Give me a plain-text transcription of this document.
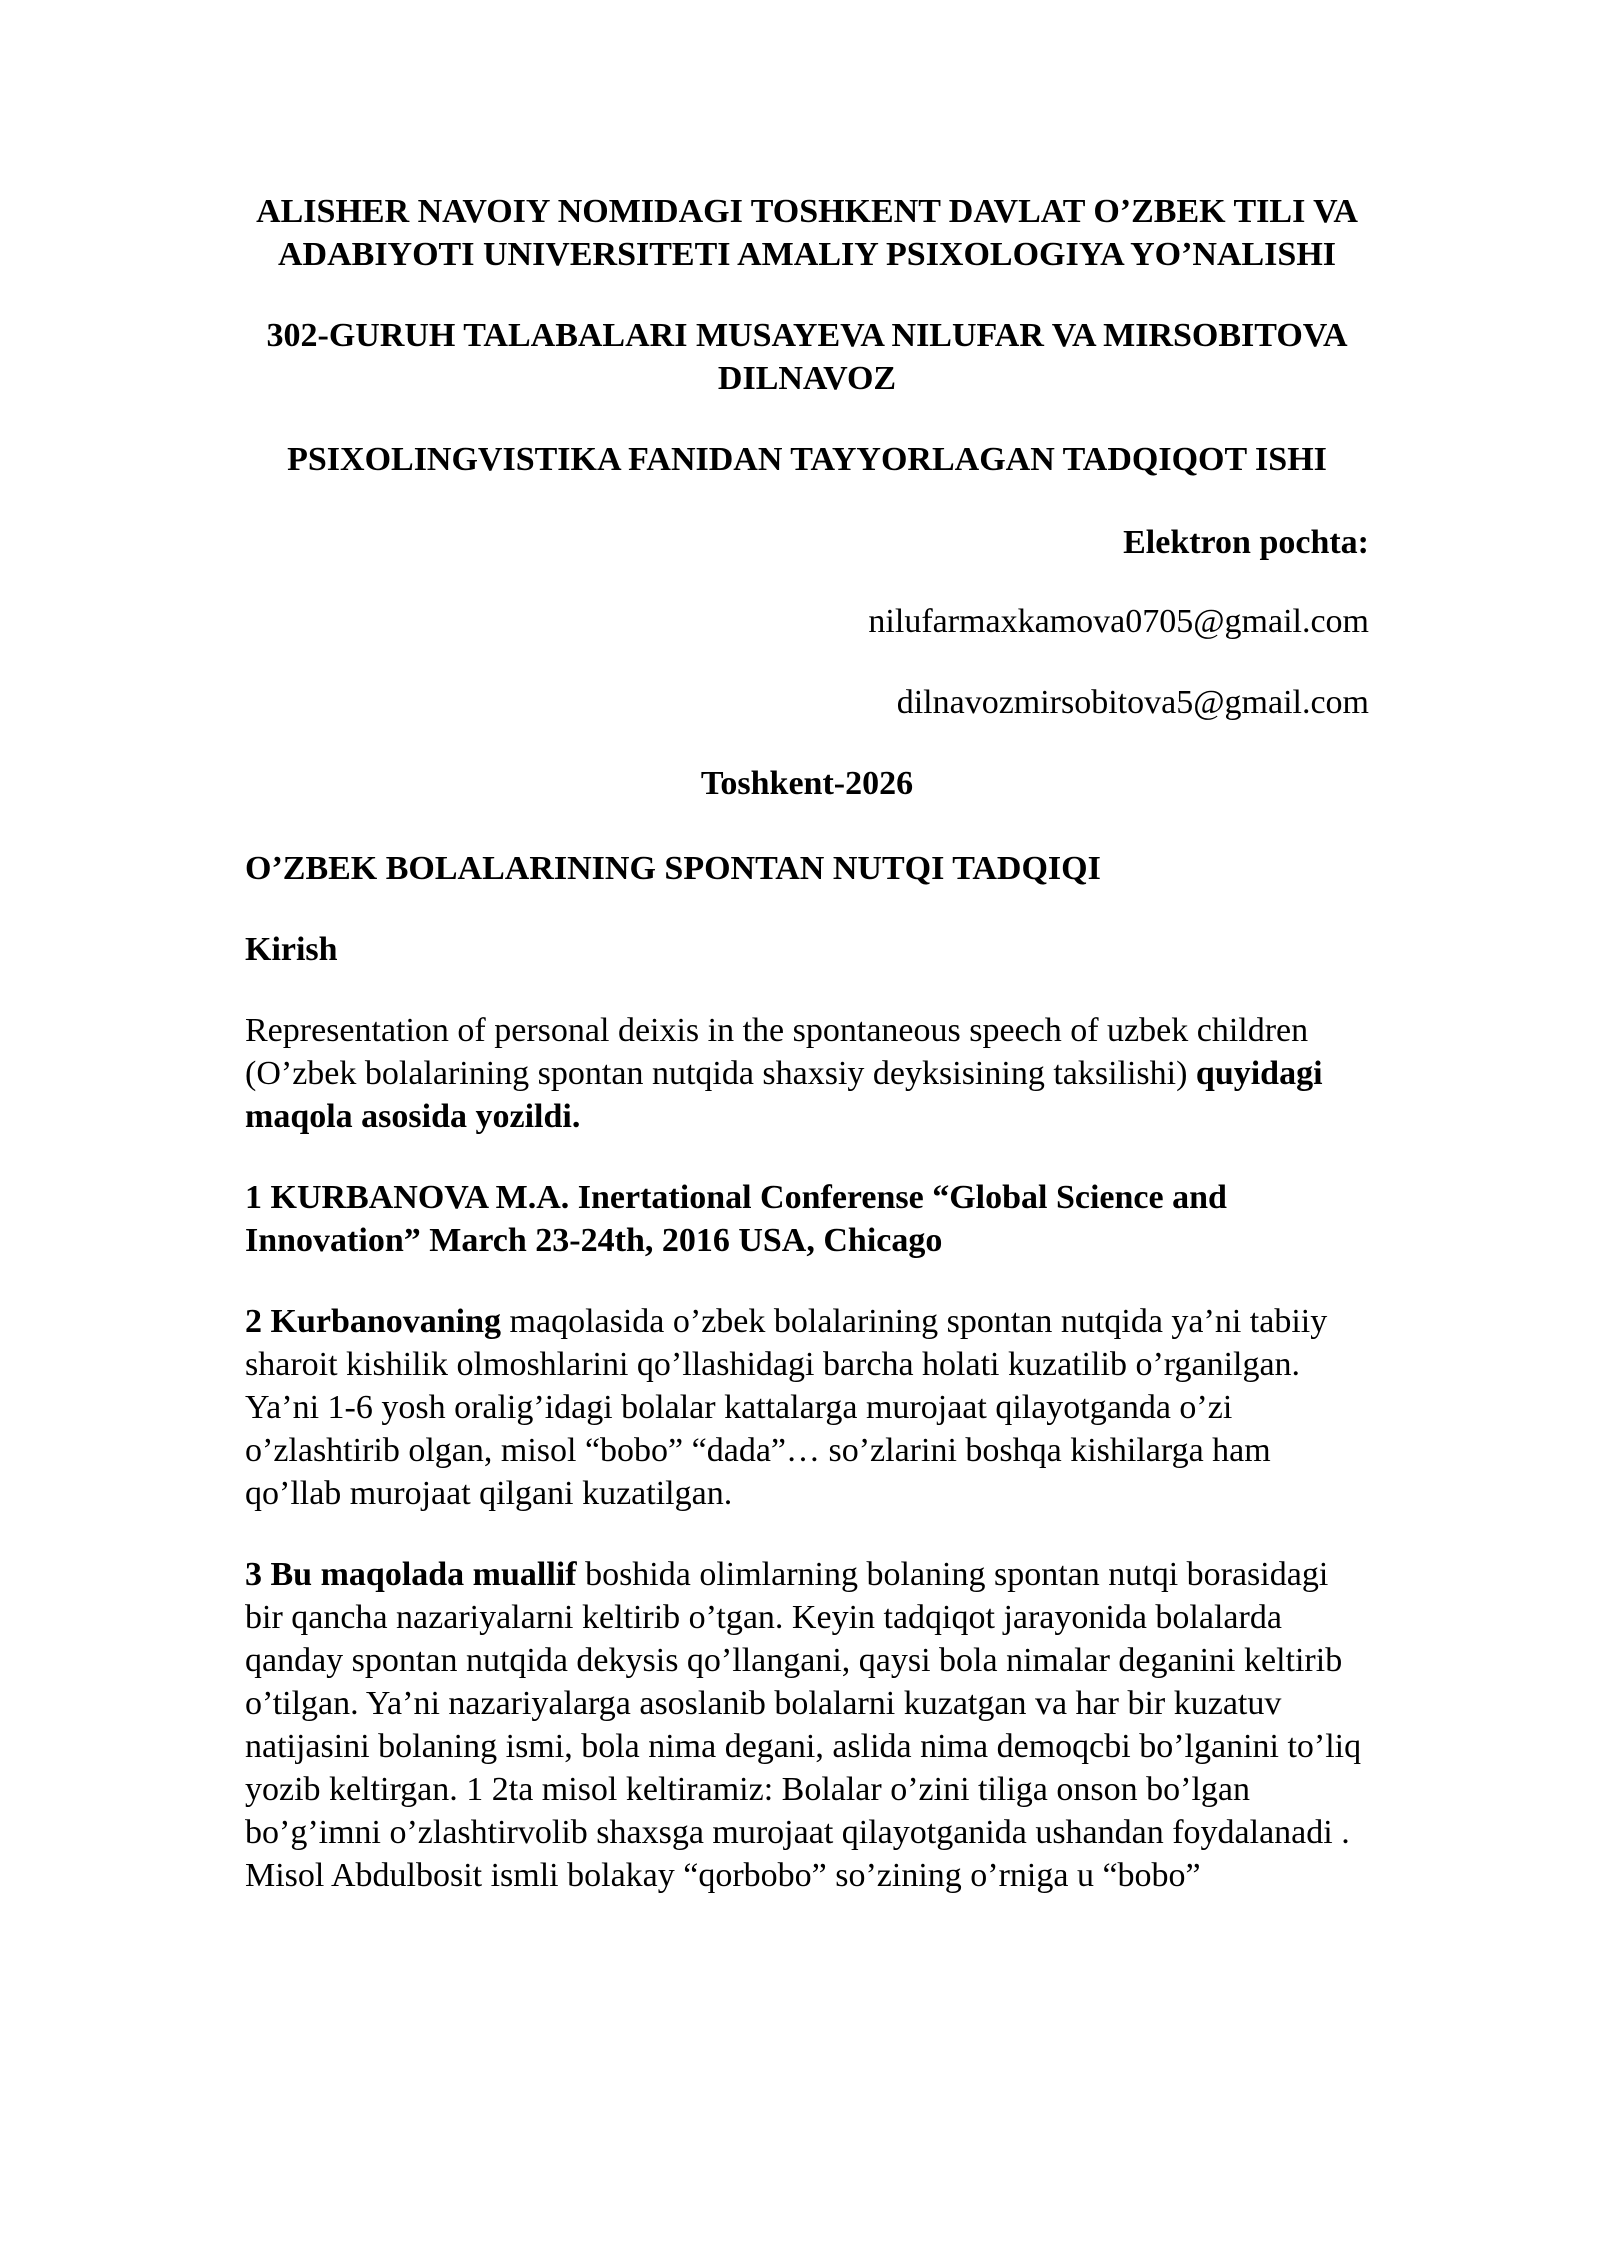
ALISHER NAVOIY NOMIDAGI TOSHKENT DAVLAT O’ZBEK TILI VA ADABIYOTI UNIVERSITETI AMALIY PSIXOLOGIYA YO’NALISHI
302-GURUH TALABALARI MUSAYEVA NILUFAR VA MIRSOBITOVA DILNAVOZ
PSIXOLINGVISTIKA FANIDAN TAYYORLAGAN TADQIQOT ISHI
Elektron pochta:
nilufarmaxkamova0705@gmail.com
dilnavozmirsobitova5@gmail.com
Toshkent-2026
O’ZBEK BOLALARINING SPONTAN NUTQI TADQIQI
Kirish
Representation of personal deixis in the spontaneous speech of uzbek children (O’zbek bolalarining spontan nutqida shaxsiy deyksisining taksilishi) quyidagi maqola asosida yozildi.
1 KURBANOVA M.A. Inertational Conferense “Global Science and Innovation” March 23-24th, 2016 USA, Chicago
2 Kurbanovaning maqolasida o’zbek bolalarining spontan nutqida ya’ni tabiiy sharoit kishilik olmoshlarini qo’llashidagi barcha holati kuzatilib o’rganilgan. Ya’ni 1-6 yosh oralig’idagi bolalar kattalarga murojaat qilayotganda o’zi o’zlashtirib olgan, misol “bobo” “dada”… so’zlarini boshqa kishilarga ham qo’llab murojaat qilgani kuzatilgan.
3 Bu maqolada muallif boshida olimlarning bolaning spontan nutqi borasidagi bir qancha nazariyalarni keltirib o’tgan. Keyin tadqiqot jarayonida bolalarda qanday spontan nutqida dekysis qo’llangani, qaysi bola nimalar deganini keltirib o’tilgan. Ya’ni nazariyalarga asoslanib bolalarni kuzatgan va har bir kuzatuv natijasini bolaning ismi, bola nima degani, aslida nima demoqcbi bo’lganini to’liq yozib keltirgan. 1 2ta misol keltiramiz: Bolalar o’zini tiliga onson bo’lgan bo’g’imni o’zlashtirvolib shaxsga murojaat qilayotganida ushandan foydalanadi . Misol Abdulbosit ismli bolakay “qorbobo” so’zining o’rniga u “bobo”
